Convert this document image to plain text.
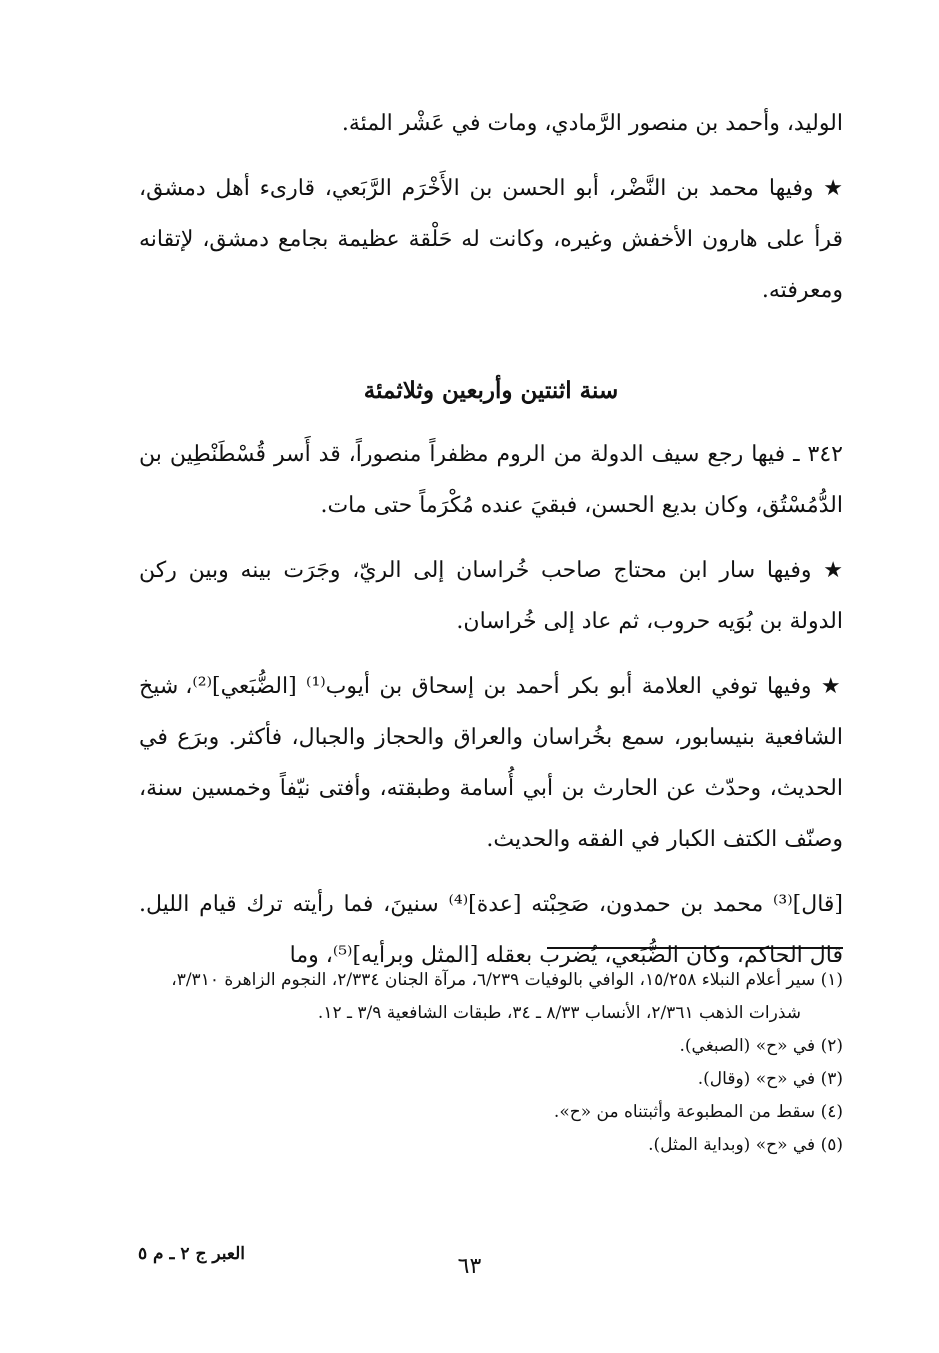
الوليد، وأحمد بن منصور الرَّمادي، ومات في عَشْر المئة.

★ وفيها محمد بن النَّضْر، أبو الحسن بن الأَخْرَم الرَّبَعي، قارىء أهل دمشق، قرأ على هارون الأخفش وغيره، وكانت له حَلْقة عظيمة بجامع دمشق، لإتقانه ومعرفته.

سنة اثنتين وأربعين وثلاثمئة

٣٤٢ ـ فيها رجع سيف الدولة من الروم مظفراً منصوراً، قد أَسر قُسْطَنْطِين بن الدُّمُسْتُق، وكان بديع الحسن، فبقيَ عنده مُكْرَماً حتى مات.

★ وفيها سار ابن محتاج صاحب خُراسان إلى الريّ، وجَرَت بينه وبين ركن الدولة بن بُوَيه حروب، ثم عاد إلى خُراسان.

★ وفيها توفي العلامة أبو بكر أحمد بن إسحاق بن أيوب⁽¹⁾ [الضُّبَعي]⁽²⁾، شيخ الشافعية بنيسابور، سمع بخُراسان والعراق والحجاز والجبال، فأكثر. وبرَع في الحديث، وحدّث عن الحارث بن أبي أُسامة وطبقته، وأفتى نيّفاً وخمسين سنة، وصنّف الكتف الكبار في الفقه والحديث.

[قال]⁽³⁾ محمد بن حمدون، صَحِبْته [عدة]⁽⁴⁾ سنينَ، فما رأيته ترك قيام الليل. قال الحاكم، وكان الضُّبَعي، يُضرب بعقله [المثل وبرأيه]⁽⁵⁾، وما

(١) سير أعلام النبلاء ١٥/٢٥٨، الوافي بالوفيات ٦/٢٣٩، مرآة الجنان ٢/٣٣٤، النجوم الزاهرة ٣/٣١٠، شذرات الذهب ٢/٣٦١، الأنساب ٨/٣٣ ـ ٣٤، طبقات الشافعية ٣/٩ ـ ١٢.

(٢) في «ح» (الصبغي).

(٣) في «ح» (وقال).

(٤) سقط من المطبوعة وأثبتناه من «ح».

(٥) في «ح» (وبداية المثل).

العبر ج ٢ ـ م ٥	٦٣
